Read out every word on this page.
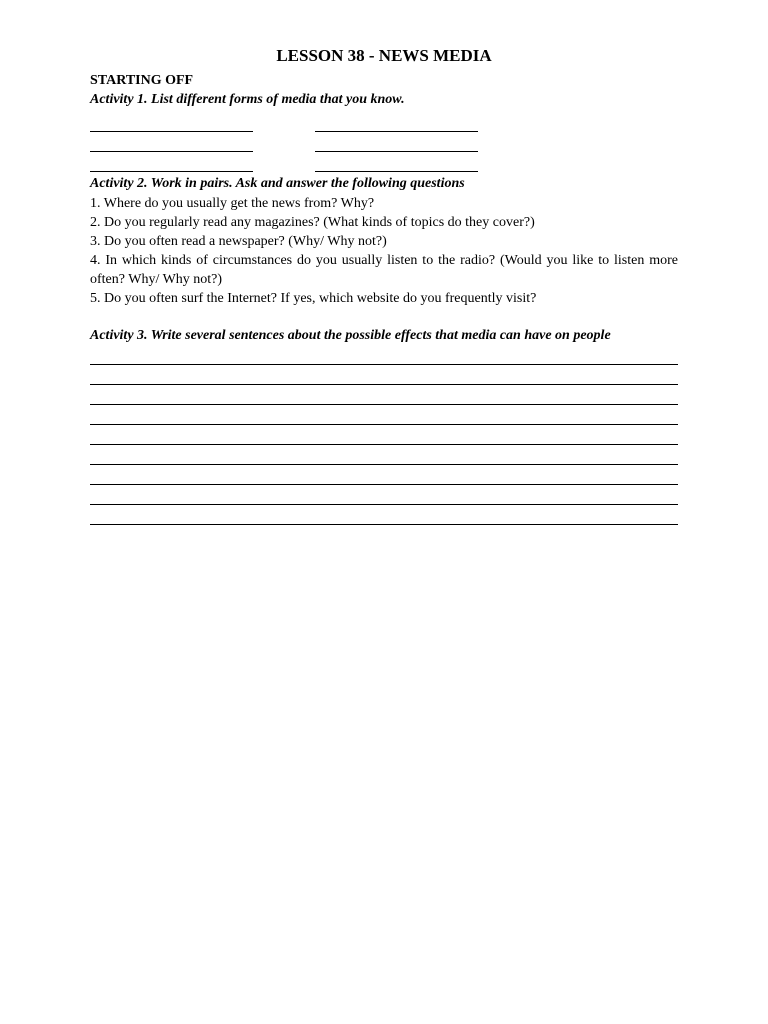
LESSON 38 - NEWS MEDIA
STARTING OFF
Activity 1. List different forms of media that you know.
Activity 2. Work in pairs. Ask and answer the following questions
1. Where do you usually get the news from? Why?
2. Do you regularly read any magazines? (What kinds of topics do they cover?)
3. Do you often read a newspaper? (Why/ Why not?)
4. In which kinds of circumstances do you usually listen to the radio? (Would you like to listen more often? Why/ Why not?)
5. Do you often surf the Internet? If yes, which website do you frequently visit?
Activity 3. Write several sentences about the possible effects that media can have on people
